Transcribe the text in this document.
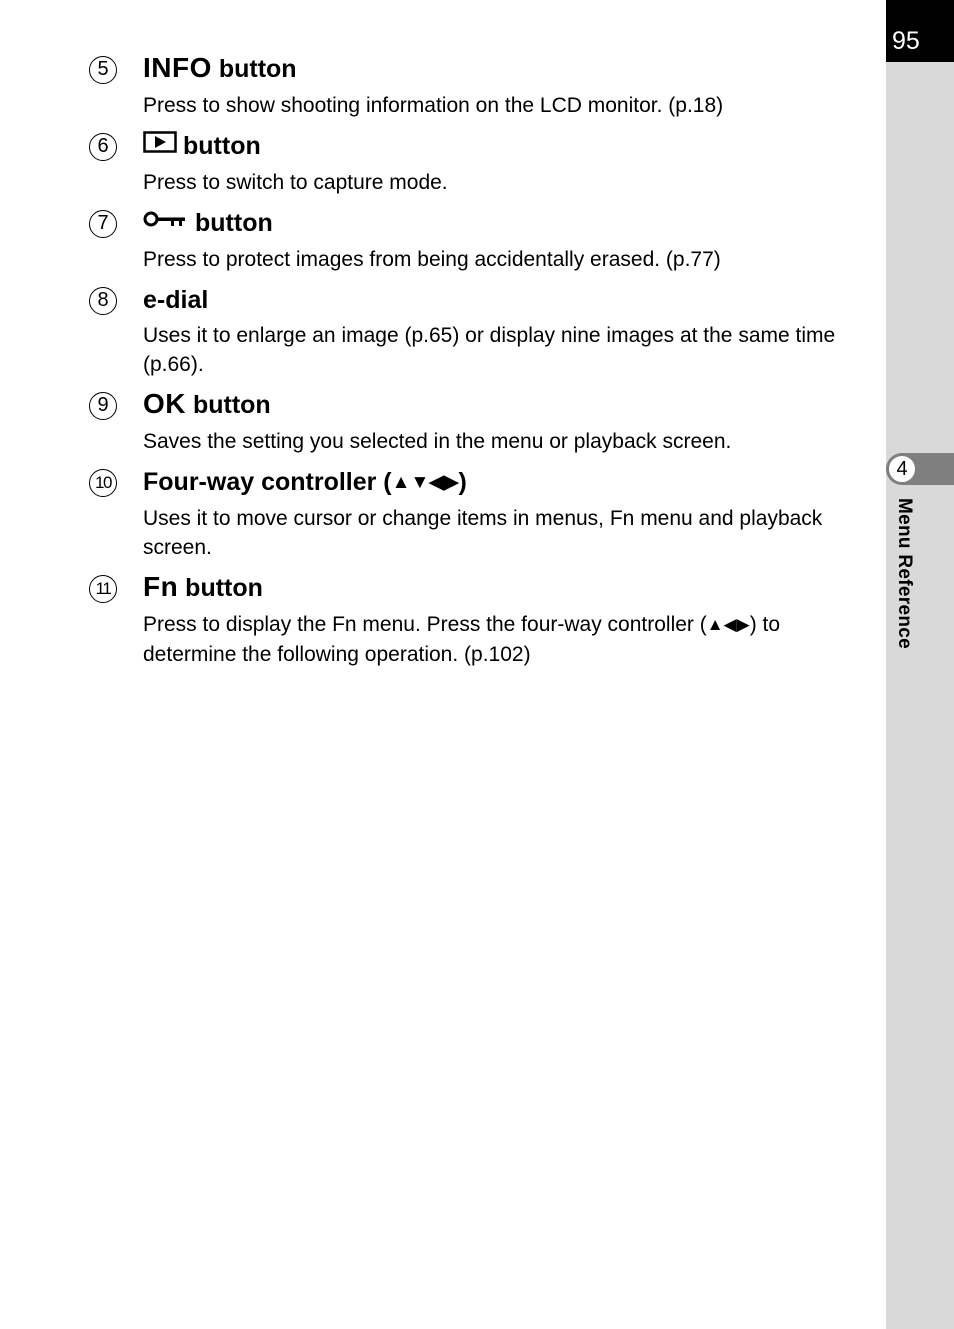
95
4
Menu Reference
5	INFO button
Press to show shooting information on the LCD monitor. (p.18)
6	button
Press to switch to capture mode.
7	button
Press to protect images from being accidentally erased. (p.77)
8	e-dial
Uses it to enlarge an image (p.65) or display nine images at the same time (p.66).
9	OK button
Saves the setting you selected in the menu or playback screen.
10 Four-way controller (▲▼◀▶)
Uses it to move cursor or change items in menus, Fn menu and playback screen.
11 Fn button
Press to display the Fn menu. Press the four-way controller (▲◀▶) to determine the following operation. (p.102)
